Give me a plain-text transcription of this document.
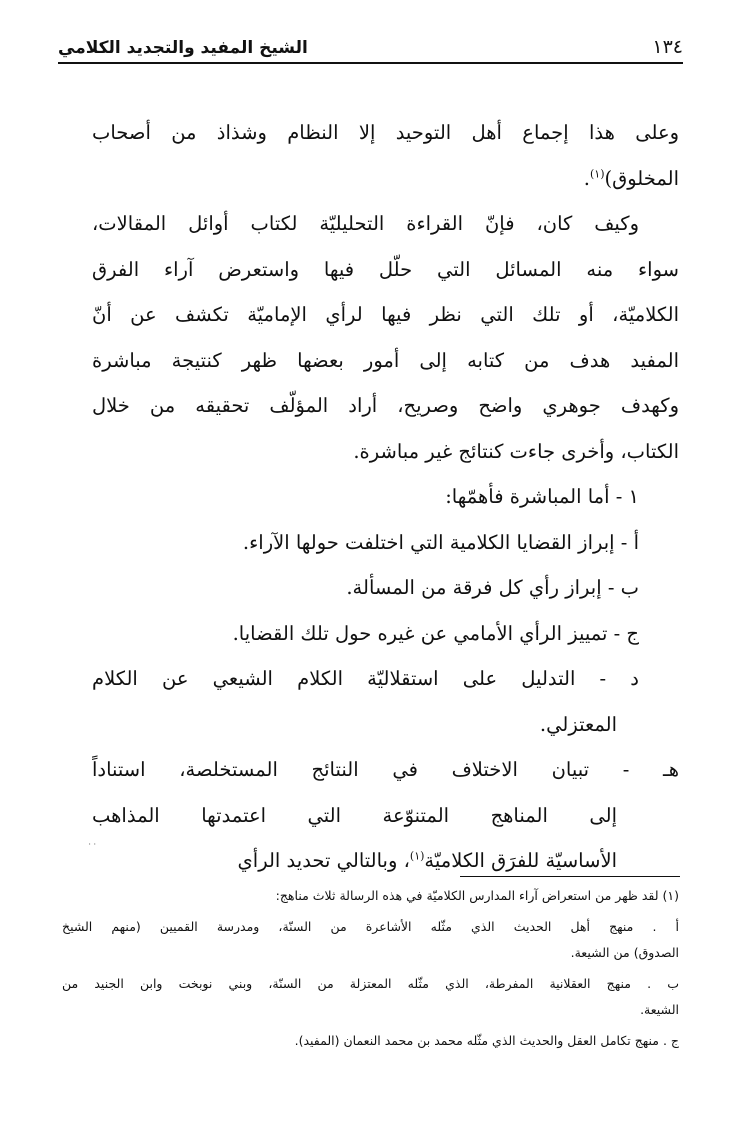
١٣٤
الشيخ المفيد والتجديد الكلامي
وعلى هذا إجماع أهل التوحيد إلا النظام وشذاذ من أصحاب
المخلوق)$^{(١)}$.
وكيف كان، فإنّ القراءة التحليليّة لكتاب أوائل المقالات،
سواء منه المسائل التي حلّل فيها واستعرض آراء الفرق
الكلاميّة، أو تلك التي نظر فيها لرأي الإماميّة تكشف عن أنّ
المفيد هدف من كتابه إلى أمور بعضها ظهر كنتيجة مباشرة
وكهدف جوهري واضح وصريح، أراد المؤلّف تحقيقه من خلال
الكتاب، وأخرى جاءت كنتائج غير مباشرة.
١ - أما المباشرة فأهمّها:
أ - إبراز القضايا الكلامية التي اختلفت حولها الآراء.
ب - إبراز رأي كل فرقة من المسألة.
ج - تمييز الرأي الأمامي عن غيره حول تلك القضايا.
د - التدليل على استقلاليّة الكلام الشيعي عن الكلام
المعتزلي.
هـ - تبيان الاختلاف في النتائج المستخلصة، استناداً
إلى المناهج المتنوّعة التي اعتمدتها المذاهب
الأساسيّة للفرَق الكلاميّة$^{(١)}$، وبالتالي تحديد الرأي
· ·
(١) لقد ظهر من استعراض آراء المدارس الكلاميّة في هذه الرسالة ثلاث مناهج:
أ . منهج أهل الحديث الذي مثّله الأشاعرة من السنّة، ومدرسة القميين (منهم الشيخ
الصدوق) من الشيعة.
ب . منهج العقلانية المفرطة، الذي مثّله المعتزلة من السنّة، وبني نوبخت وابن الجنيد من
الشيعة.
ج . منهج تكامل العقل والحديث الذي مثّله محمد بن محمد النعمان (المفيد).
